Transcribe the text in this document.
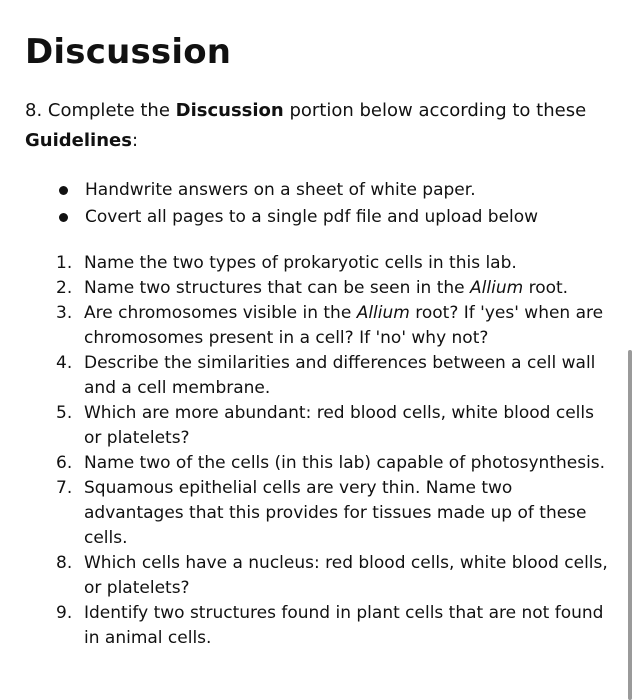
Discussion

8. Complete the Discussion portion below according to these Guidelines:

Handwrite answers on a sheet of white paper.
Covert all pages to a single pdf file and upload below
1. Name the two types of prokaryotic cells in this lab.
2. Name two structures that can be seen in the Allium root.
3. Are chromosomes visible in the Allium root? If 'yes' when are chromosomes present in a cell? If 'no' why not?
4. Describe the similarities and differences between a cell wall and a cell membrane.
5. Which are more abundant: red blood cells, white blood cells or platelets?
6. Name two of the cells (in this lab) capable of photosynthesis.
7. Squamous epithelial cells are very thin. Name two advantages that this provides for tissues made up of these cells.
8. Which cells have a nucleus: red blood cells, white blood cells, or platelets?
9. Identify two structures found in plant cells that are not found in animal cells.
